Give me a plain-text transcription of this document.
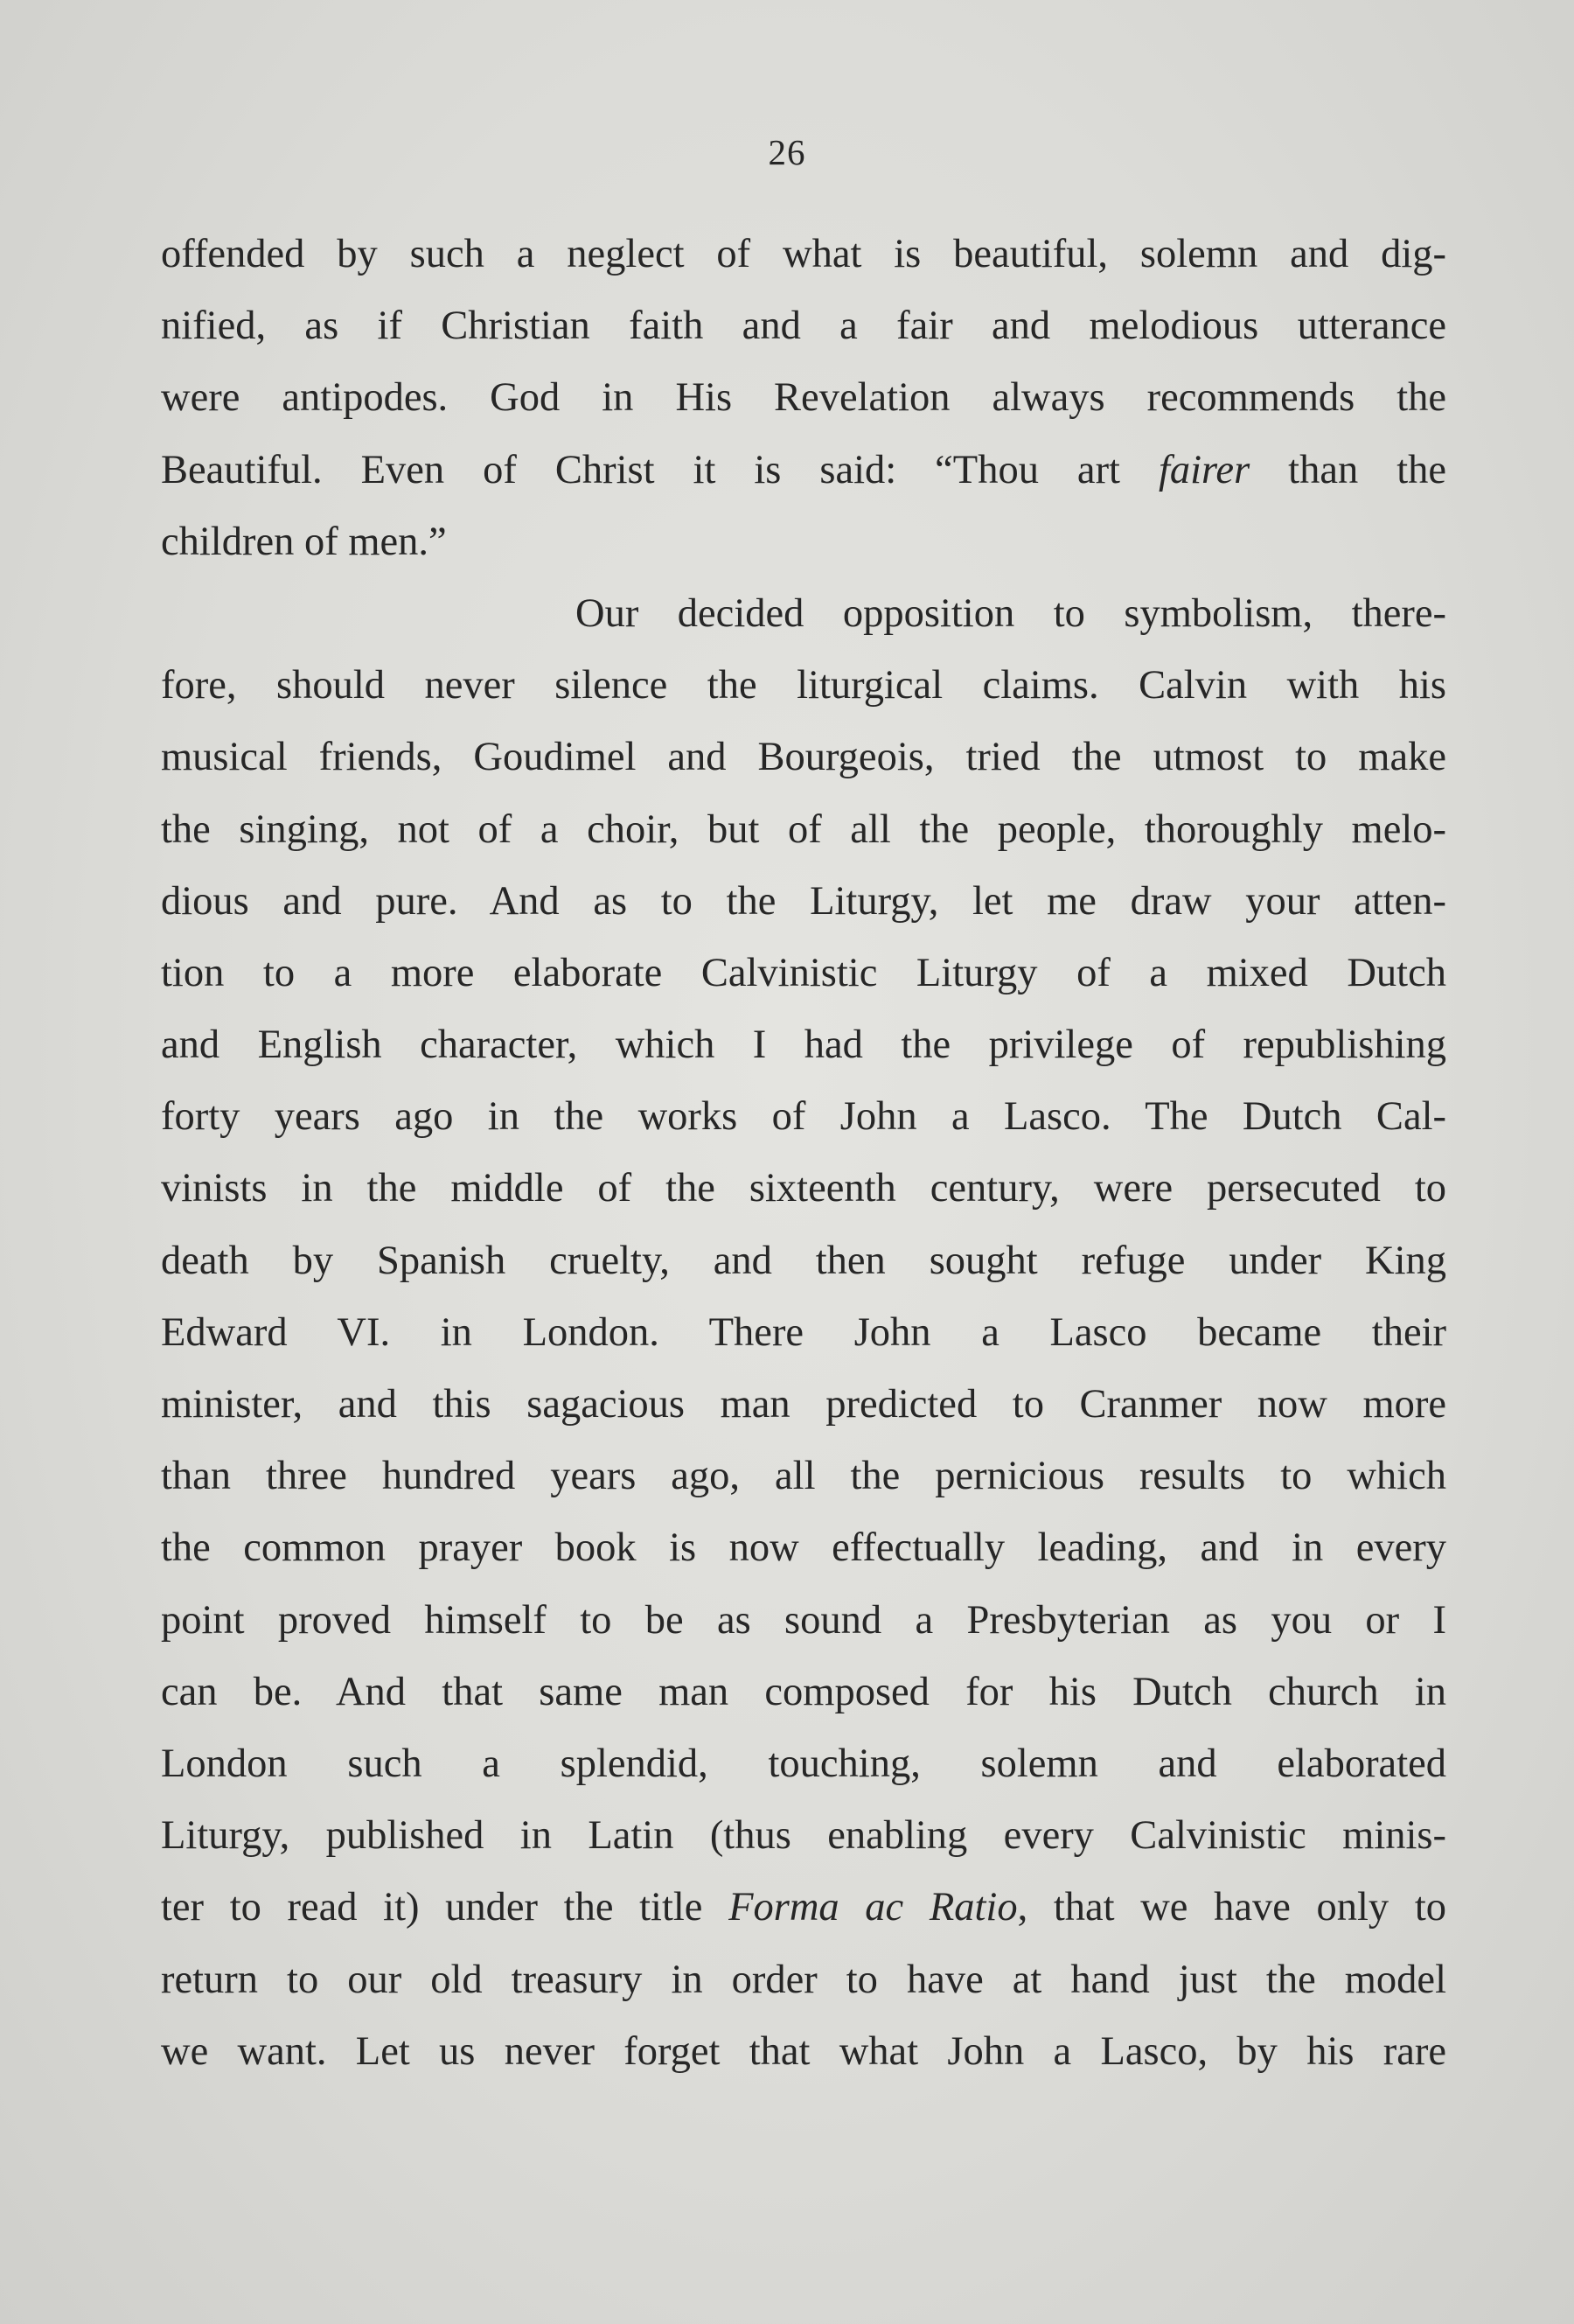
26
offended by such a neglect of what is beautiful, solemn and dig-
nified, as if Christian faith and a fair and melodious utterance
were antipodes. God in His Revelation always recommends the
Beautiful. Even of Christ it is said: “Thou art fairer than the
children of men.”
Our decided opposition to symbolism, there-
fore, should never silence the liturgical claims. Calvin with his
musical friends, Goudimel and Bourgeois, tried the utmost to make
the singing, not of a choir, but of all the people, thoroughly melo-
dious and pure. And as to the Liturgy, let me draw your atten-
tion to a more elaborate Calvinistic Liturgy of a mixed Dutch
and English character, which I had the privilege of republishing
forty years ago in the works of John a Lasco. The Dutch Cal-
vinists in the middle of the sixteenth century, were persecuted to
death by Spanish cruelty, and then sought refuge under King
Edward VI. in London. There John a Lasco became their
minister, and this sagacious man predicted to Cranmer now more
than three hundred years ago, all the pernicious results to which
the common prayer book is now effectually leading, and in every
point proved himself to be as sound a Presbyterian as you or I
can be. And that same man composed for his Dutch church in
London such a splendid, touching, solemn and elaborated
Liturgy, published in Latin (thus enabling every Calvinistic minis-
ter to read it) under the title Forma ac Ratio, that we have only to
return to our old treasury in order to have at hand just the model
we want. Let us never forget that what John a Lasco, by his rare
